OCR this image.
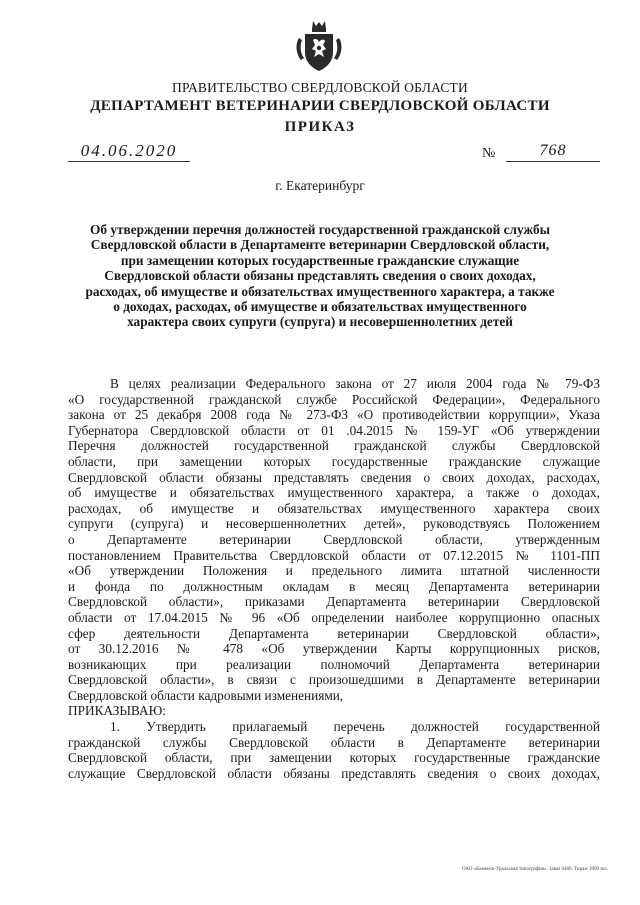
ПРАВИТЕЛЬСТВО СВЕРДЛОВСКОЙ ОБЛАСТИ
ДЕПАРТАМЕНТ ВЕТЕРИНАРИИ СВЕРДЛОВСКОЙ ОБЛАСТИ
ПРИКАЗ
04.06.2020	№	768
г. Екатеринбург
Об утверждении перечня должностей государственной гражданской службы
Свердловской области в Департаменте ветеринарии Свердловской области,
при замещении которых государственные гражданские служащие
Свердловской области обязаны представлять сведения о своих доходах,
расходах, об имуществе и обязательствах имущественного характера, а также
о доходах, расходах, об имуществе и обязательствах имущественного
характера своих супруги (супруга) и несовершеннолетних детей
В целях реализации Федерального закона от 27 июля 2004 года № 79-ФЗ
«О государственной гражданской службе Российской Федерации», Федерального
закона от 25 декабря 2008 года № 273-ФЗ «О противодействии коррупции», Указа
Губернатора Свердловской области от 01 .04.2015 № 159-УГ «Об утверждении
Перечня должностей государственной гражданской службы Свердловской
области, при замещении которых государственные гражданские служащие
Свердловской области обязаны представлять сведения о своих доходах, расходах,
об имуществе и обязательствах имущественного характера, а также о доходах,
расходах, об имуществе и обязательствах имущественного характера своих
супруги (супруга) и несовершеннолетних детей», руководствуясь Положением
о Департаменте ветеринарии Свердловской области, утвержденным
постановлением Правительства Свердловской области от 07.12.2015 № 1101-ПП
«Об утверждении Положения и предельного лимита штатной численности
и фонда по должностным окладам в месяц Департамента ветеринарии
Свердловской области», приказами Департамента ветеринарии Свердловской
области от 17.04.2015 № 96 «Об определении наиболее коррупционно опасных
сфер деятельности Департамента ветеринарии Свердловской области»,
от 30.12.2016 № 478 «Об утверждении Карты коррупционных рисков,
возникающих при реализации полномочий Департамента ветеринарии
Свердловской области», в связи с произошедшими в Департаменте ветеринарии
Свердловской области кадровыми изменениями,
ПРИКАЗЫВАЮ:
1. Утвердить прилагаемый перечень должностей государственной
гражданской службы Свердловской области в Департаменте ветеринарии
Свердловской области, при замещении которых государственные гражданские
служащие Свердловской области обязаны представлять сведения о своих доходах,
ОАО «Каменск-Уральская типография». Заказ 0480. Тираж 1000 экз.
